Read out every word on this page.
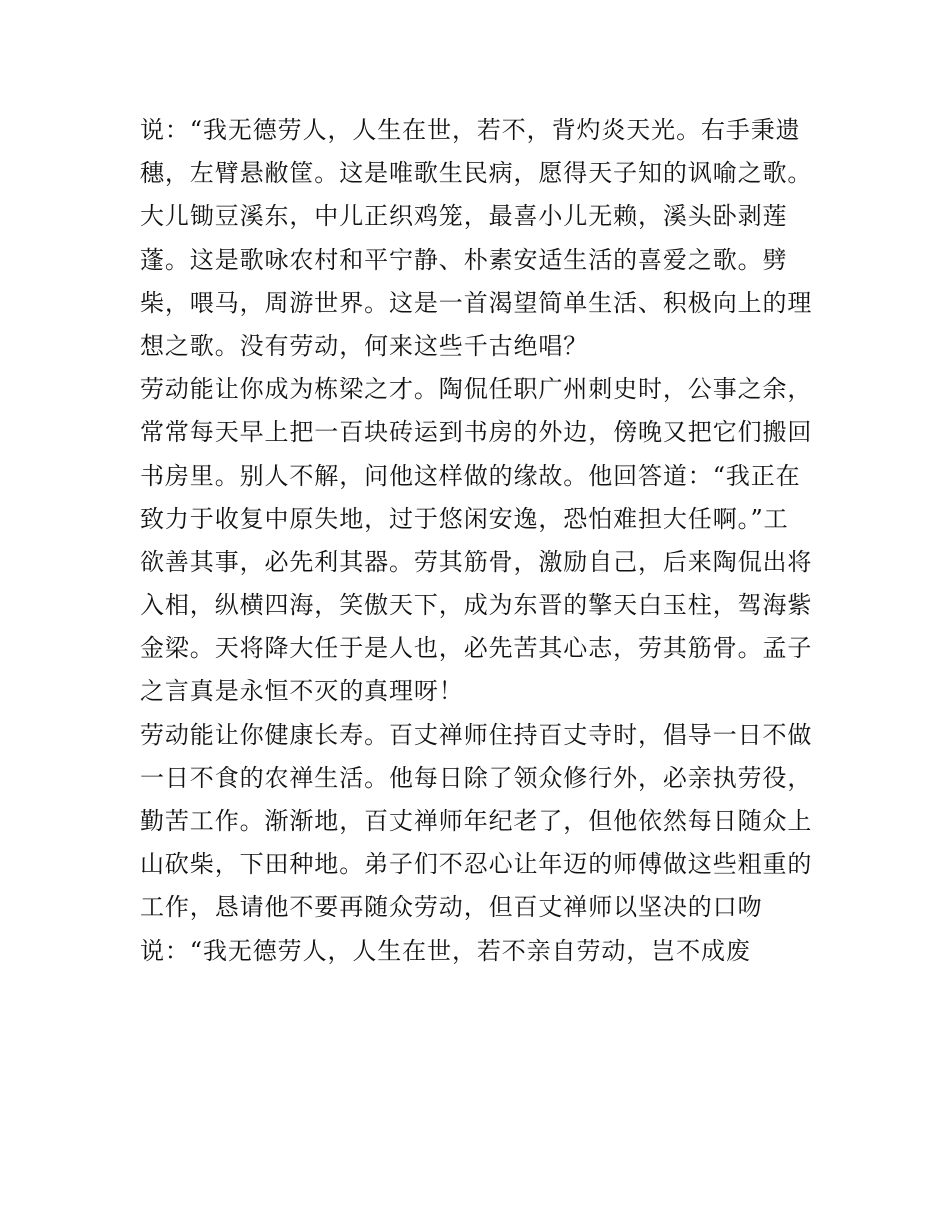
说：“我无德劳人，人生在世，若不，背灼炎天光。右手秉遗
穗，左臂悬敝筐。这是唯歌生民病，愿得天子知的讽喻之歌。
大儿锄豆溪东，中儿正织鸡笼，最喜小儿无赖，溪头卧剥莲
蓬。这是歌咏农村和平宁静、朴素安适生活的喜爱之歌。劈
柴，喂马，周游世界。这是一首渴望简单生活、积极向上的理
想之歌。没有劳动，何来这些千古绝唱？
劳动能让你成为栋梁之才。陶侃任职广州刺史时，公事之余，
常常每天早上把一百块砖运到书房的外边，傍晚又把它们搬回
书房里。别人不解，问他这样做的缘故。他回答道：“我正在
致力于收复中原失地，过于悠闲安逸，恐怕难担大任啊。”工
欲善其事，必先利其器。劳其筋骨，激励自己，后来陶侃出将
入相，纵横四海，笑傲天下，成为东晋的擎天白玉柱，驾海紫
金梁。天将降大任于是人也，必先苦其心志，劳其筋骨。孟子
之言真是永恒不灭的真理呀！
劳动能让你健康长寿。百丈禅师住持百丈寺时，倡导一日不做
一日不食的农禅生活。他每日除了领众修行外，必亲执劳役，
勤苦工作。渐渐地，百丈禅师年纪老了，但他依然每日随众上
山砍柴，下田种地。弟子们不忍心让年迈的师傅做这些粗重的
工作，恳请他不要再随众劳动，但百丈禅师以坚决的口吻
说：“我无德劳人，人生在世，若不亲自劳动，岂不成废
